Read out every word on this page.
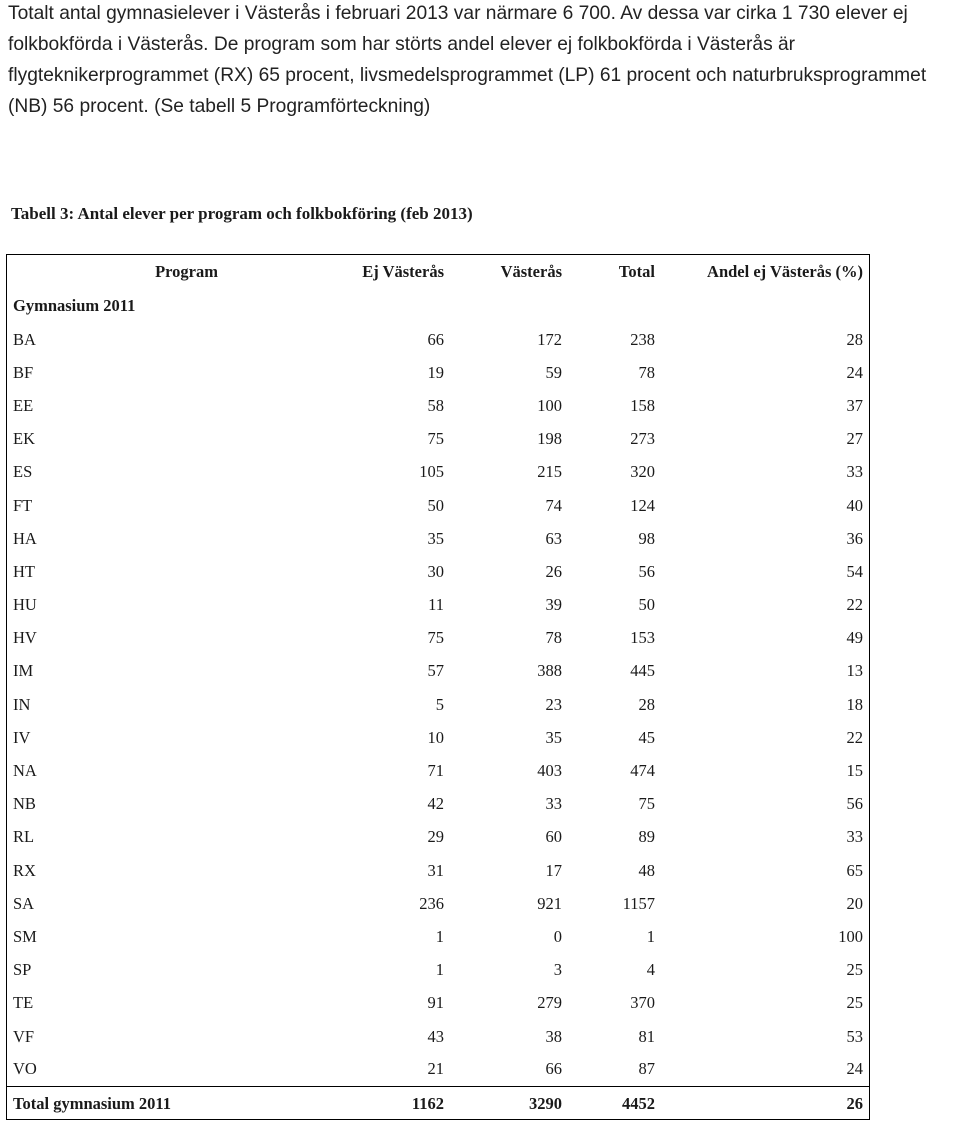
Totalt antal gymnasielever i Västerås i februari 2013 var närmare 6 700. Av dessa var cirka 1 730 elever ej folkbokförda i Västerås. De program som har störts andel elever ej folkbokförda i Västerås är flygteknikerprogrammet (RX) 65 procent, livsmedelsprogrammet (LP) 61 procent och naturbruksprogrammet (NB) 56 procent. (Se tabell 5 Programförteckning)

Tabell 3: Antal elever per program och folkbokföring (feb 2013)

	Program	Ej Västerås	Västerås	Total	Andel ej Västerås (%)
Gymnasium 2011					
BA		66	172	238	28
BF		19	59	78	24
EE		58	100	158	37
EK		75	198	273	27
ES		105	215	320	33
FT		50	74	124	40
HA		35	63	98	36
HT		30	26	56	54
HU		11	39	50	22
HV		75	78	153	49
IM		57	388	445	13
IN		5	23	28	18
IV		10	35	45	22
NA		71	403	474	15
NB		42	33	75	56
RL		29	60	89	33
RX		31	17	48	65
SA		236	921	1157	20
SM		1	0	1	100
SP		1	3	4	25
TE		91	279	370	25
VF		43	38	81	53
VO		21	66	87	24
Total gymnasium 2011		1162	3290	4452	26
